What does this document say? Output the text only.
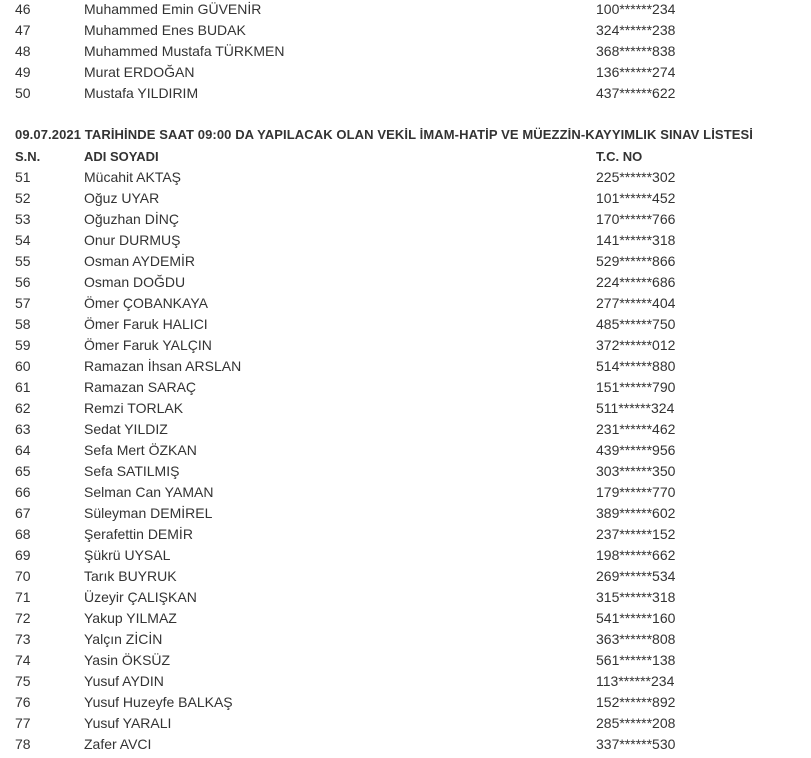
46	Muhammed Emin GÜVENİR	100******234
47	Muhammed Enes BUDAK	324******238
48	Muhammed Mustafa TÜRKMEN	368******838
49	Murat ERDOĞAN	136******274
50	Mustafa YILDIRIM	437******622
09.07.2021 TARİHİNDE SAAT 09:00 DA YAPILACAK OLAN VEKİL İMAM-HATİP VE MÜEZZİN-KAYYIMLIK SINAV LİSTESİ
S.N.	ADI SOYADI	T.C. NO
51	Mücahit AKTAŞ	225******302
52	Oğuz UYAR	101******452
53	Oğuzhan DİNÇ	170******766
54	Onur DURMUŞ	141******318
55	Osman AYDEMİR	529******866
56	Osman DOĞDU	224******686
57	Ömer ÇOBANKAYA	277******404
58	Ömer Faruk HALICI	485******750
59	Ömer Faruk YALÇIN	372******012
60	Ramazan İhsan ARSLAN	514******880
61	Ramazan SARAÇ	151******790
62	Remzi TORLAK	511******324
63	Sedat YILDIZ	231******462
64	Sefa Mert ÖZKAN	439******956
65	Sefa SATILMIŞ	303******350
66	Selman Can YAMAN	179******770
67	Süleyman DEMİREL	389******602
68	Şerafettin DEMİR	237******152
69	Şükrü UYSAL	198******662
70	Tarık BUYRUK	269******534
71	Üzeyir ÇALIŞKAN	315******318
72	Yakup YILMAZ	541******160
73	Yalçın ZİCİN	363******808
74	Yasin ÖKSÜZ	561******138
75	Yusuf AYDIN	113******234
76	Yusuf Huzeyfe BALKAŞ	152******892
77	Yusuf YARALI	285******208
78	Zafer AVCI	337******530
